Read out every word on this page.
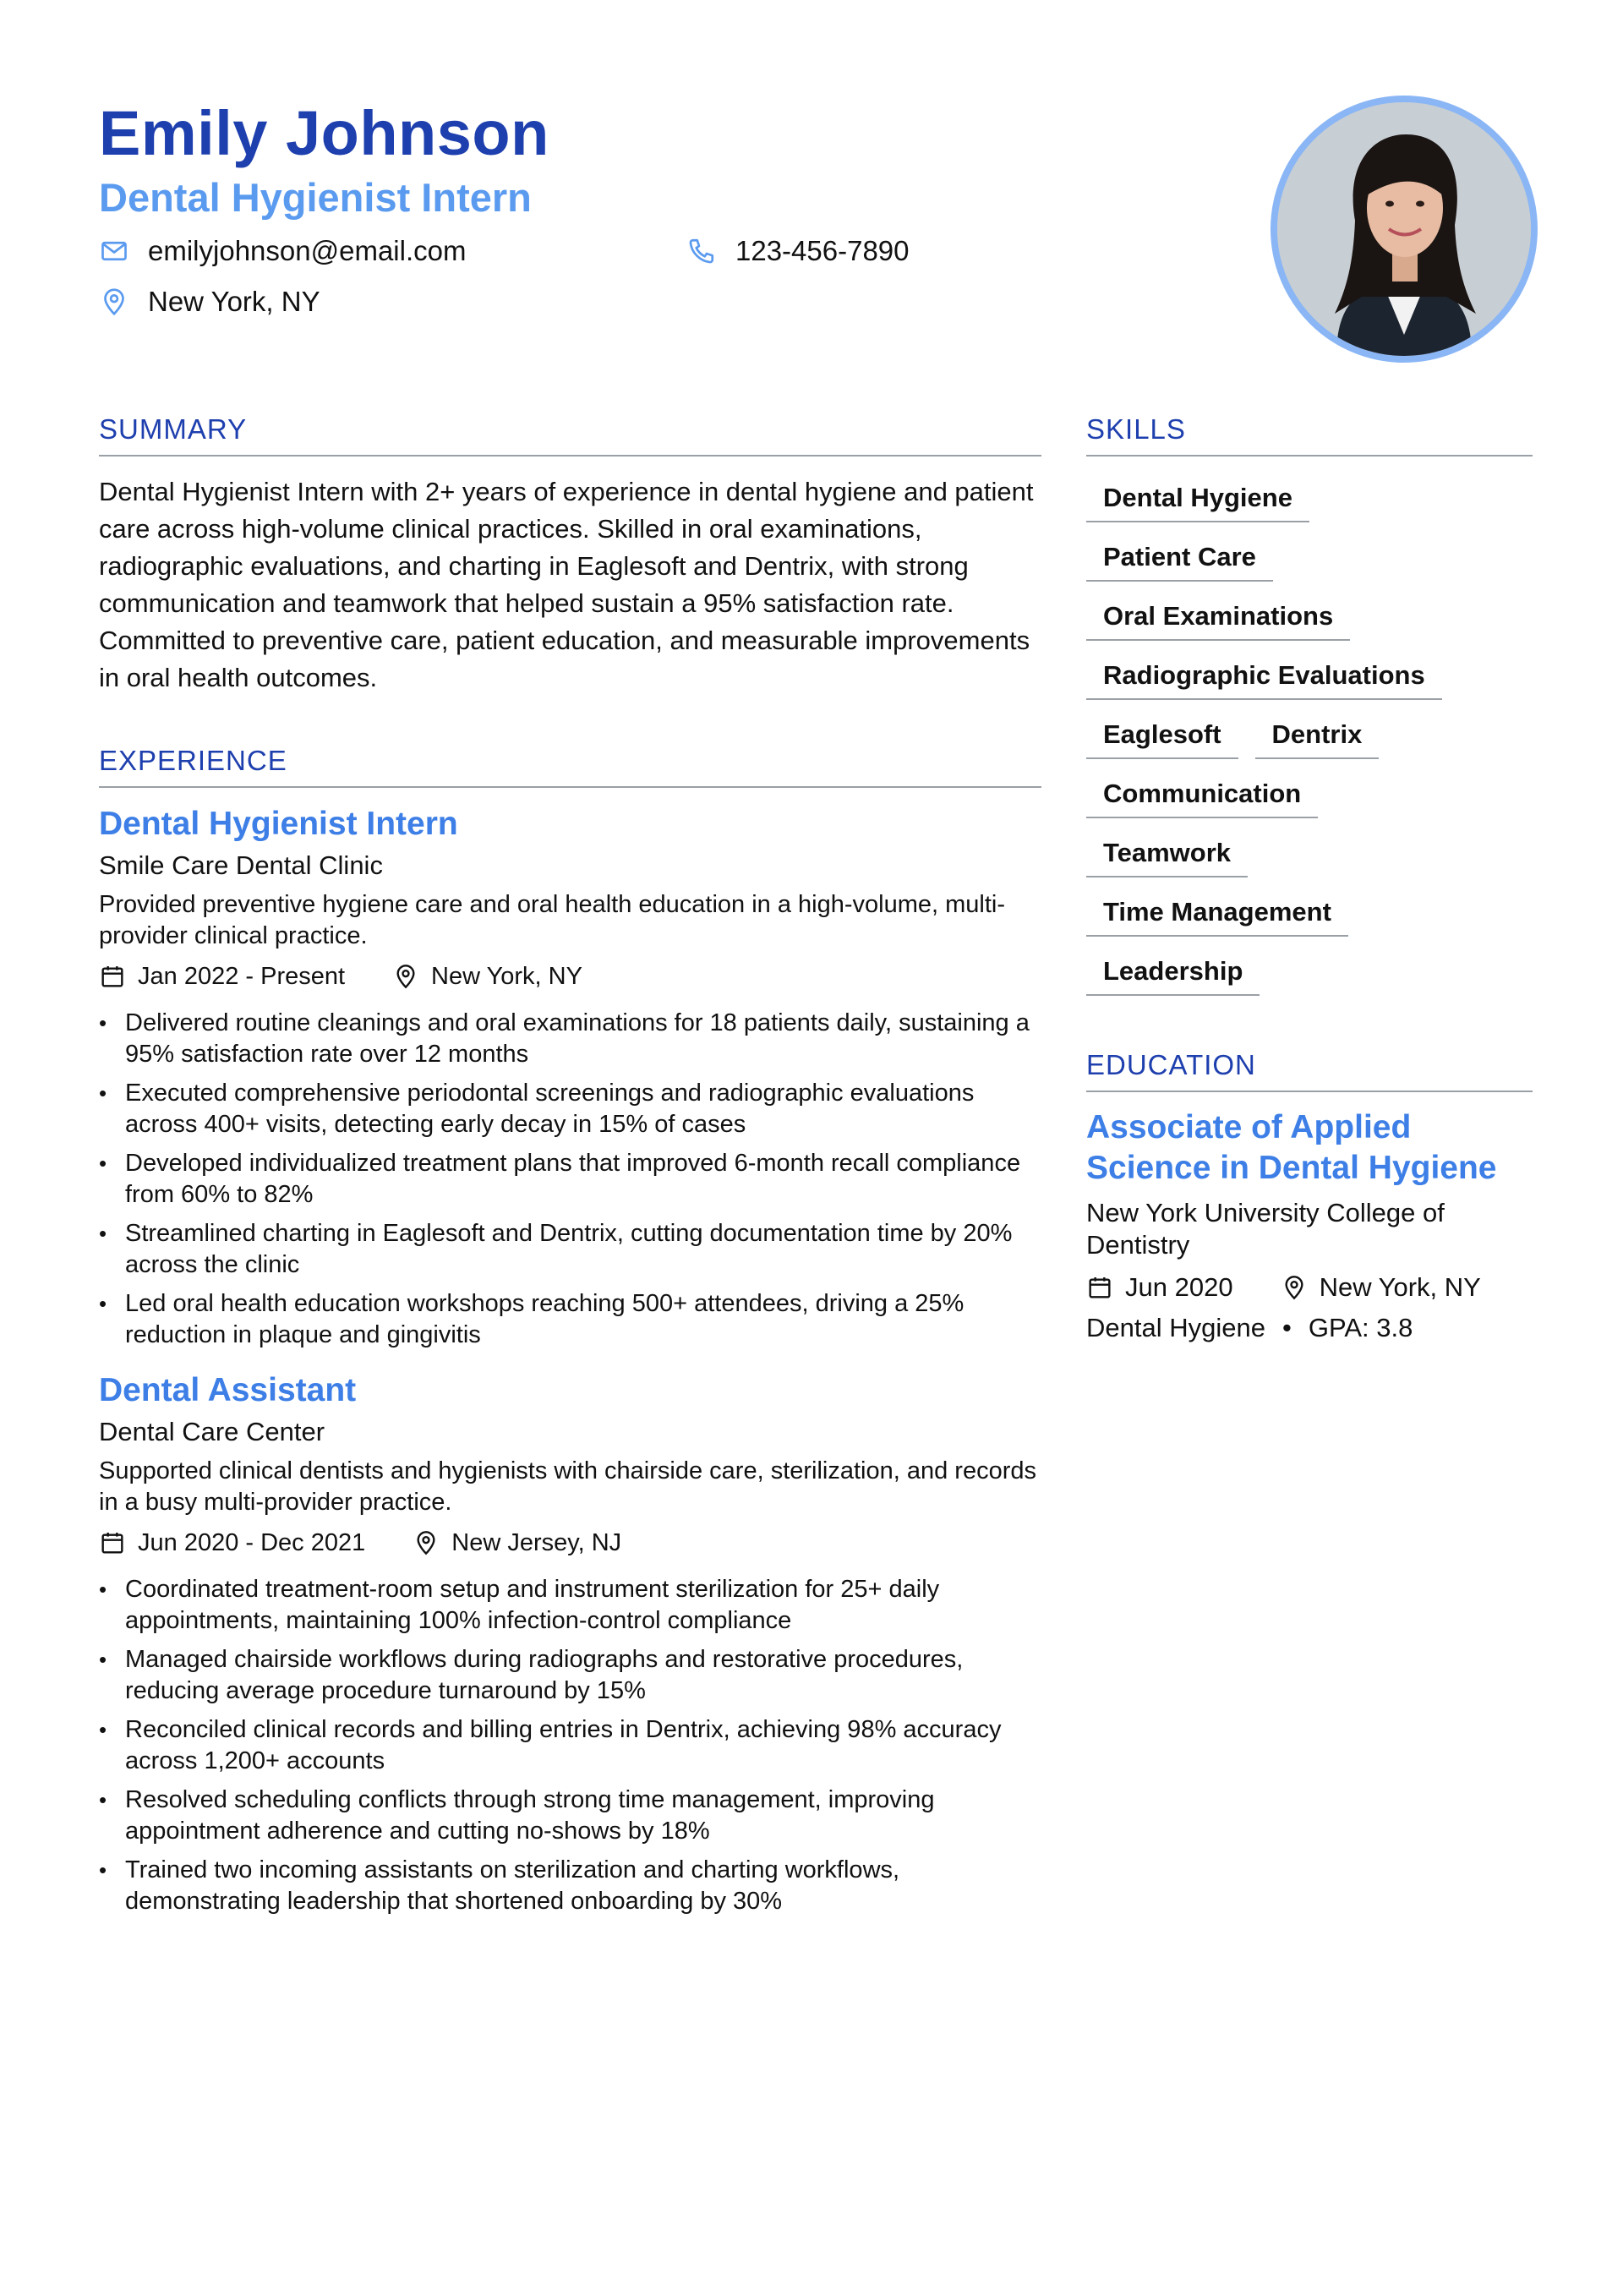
Emily Johnson
Dental Hygienist Intern
emilyjohnson@email.com	123-456-7890
New York, NY
SUMMARY

Dental Hygienist Intern with 2+ years of experience in dental hygiene and patient care across high-volume clinical practices. Skilled in oral examinations, radiographic evaluations, and charting in Eaglesoft and Dentrix, with strong communication and teamwork that helped sustain a 95% satisfaction rate. Committed to preventive care, patient education, and measurable improvements in oral health outcomes.

EXPERIENCE
Dental Hygienist Intern
Smile Care Dental Clinic
Provided preventive hygiene care and oral health education in a high-volume, multi-provider clinical practice.
Jan 2022 - Present	New York, NY
• Delivered routine cleanings and oral examinations for 18 patients daily, sustaining a 95% satisfaction rate over 12 months
• Executed comprehensive periodontal screenings and radiographic evaluations across 400+ visits, detecting early decay in 15% of cases
• Developed individualized treatment plans that improved 6-month recall compliance from 60% to 82%
• Streamlined charting in Eaglesoft and Dentrix, cutting documentation time by 20% across the clinic
• Led oral health education workshops reaching 500+ attendees, driving a 25% reduction in plaque and gingivitis
Dental Assistant
Dental Care Center
Supported clinical dentists and hygienists with chairside care, sterilization, and records in a busy multi-provider practice.
Jun 2020 - Dec 2021	New Jersey, NJ
• Coordinated treatment-room setup and instrument sterilization for 25+ daily appointments, maintaining 100% infection-control compliance
• Managed chairside workflows during radiographs and restorative procedures, reducing average procedure turnaround by 15%
• Reconciled clinical records and billing entries in Dentrix, achieving 98% accuracy across 1,200+ accounts
• Resolved scheduling conflicts through strong time management, improving appointment adherence and cutting no-shows by 18%
• Trained two incoming assistants on sterilization and charting workflows, demonstrating leadership that shortened onboarding by 30%
SKILLS
Dental Hygiene
Patient Care
Oral Examinations
Radiographic Evaluations
Eaglesoft	Dentrix
Communication
Teamwork
Time Management
Leadership
EDUCATION
Associate of Applied Science in Dental Hygiene
New York University College of Dentistry
Jun 2020	New York, NY
Dental Hygiene • GPA: 3.8
